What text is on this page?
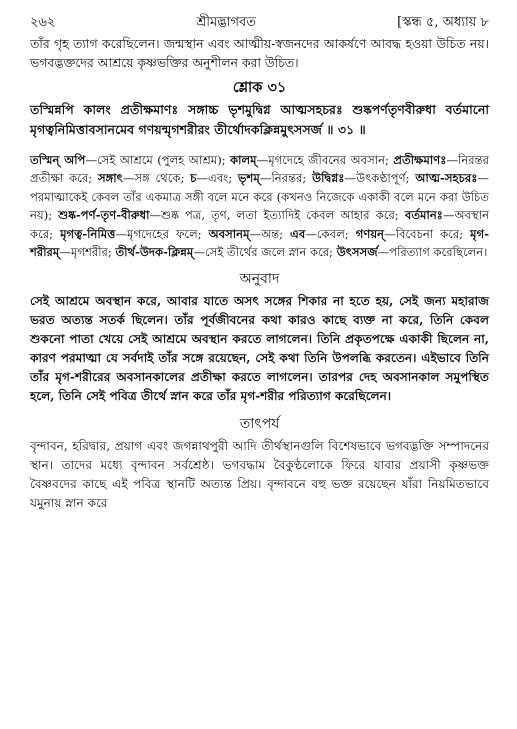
২৬২	শ্রীমদ্ভাগবত	[স্কন্ধ ৫, অধ্যায় ৮

তাঁর গৃহ ত্যাগ করেছিলেন। জন্মস্থান এবং আত্মীয়-স্বজনদের আকর্ষণে আবদ্ধ হওয়া উচিত নয়। ভগবদ্ভক্তদের আশ্রয়ে কৃষ্ণভক্তির অনুশীলন করা উচিত।

শ্লোক ৩১

তস্মিন্নপি কালং প্রতীক্ষমাণঃ সঙ্গাচ্চ ভৃশমুদ্বিগ্ন আত্মসহচরঃ শুষ্কপর্ণতৃণবীরুধা বর্তমানো মৃগত্বনিমিত্তাবসানমেব গণয়ন্মৃগশরীরং তীর্থোদকক্লিন্নমুৎসসর্জ ॥ ৩১ ॥

তস্মিন্ অপি—সেই আশ্রমে (পুলহ আশ্রম); কালম্—মৃগদেহে জীবনের অবসান; প্রতীক্ষমাণঃ—নিরন্তর প্রতীক্ষা করে; সঙ্গাৎ—সঙ্গ থেকে; চ—এবং; ভৃশম্—নিরন্তর; উদ্বিগ্নঃ—উৎকণ্ঠাপূর্ণ; আত্ম-সহচরঃ—পরমাত্মাকেই কেবল তাঁর একমাত্র সঙ্গী বলে মনে করে (কখনও নিজেকে একাকী বলে মনে করা উচিত নয়); শুষ্ক-পর্ণ-তৃণ-বীরুধা—শুষ্ক পত্র, তৃণ, লতা ইত্যাদিই কেবল আহার করে; বর্তমানঃ—অবস্থান করে; মৃগত্ব-নিমিত্ত—মৃগদেহের ফলে; অবসানম্—অন্ত; এব—কেবল; গণয়ন্—বিবেচনা করে; মৃগ-শরীরম্—মৃগশরীর; তীর্থ-উদক-ক্লিন্নম্—সেই তীর্থের জলে স্নান করে; উৎসসর্জ—পরিত্যাগ করেছিলেন।

অনুবাদ

সেই আশ্রমে অবস্থান করে, আবার যাতে অসৎ সঙ্গের শিকার না হতে হয়, সেই জন্য মহারাজ ভরত অত্যন্ত সতর্ক ছিলেন। তাঁর পূর্বজীবনের কথা কারও কাছে ব্যক্ত না করে, তিনি কেবল শুকনো পাতা খেয়ে সেই আশ্রমে অবস্থান করতে লাগলেন। তিনি প্রকৃতপক্ষে একাকী ছিলেন না, কারণ পরমাত্মা যে সর্বদাই তাঁর সঙ্গে রয়েছেন, সেই কথা তিনি উপলব্ধি করতেন। এইভাবে তিনি তাঁর মৃগ-শরীরের অবসানকালের প্রতীক্ষা করতে লাগলেন। তারপর দেহ অবসানকাল সমুপস্থিত হলে, তিনি সেই পবিত্র তীর্থে স্নান করে তাঁর মৃগ-শরীর পরিত্যাগ করেছিলেন।

তাৎপর্য

বৃন্দাবন, হরিদ্বার, প্রয়াগ এবং জগন্নাথপুরী আদি তীর্থস্থানগুলি বিশেষভাবে ভগবদ্ভক্তি সম্পাদনের স্থান। তাদের মধ্যে বৃন্দাবন সর্বশ্রেষ্ঠ। ভগবদ্ধাম বৈকুণ্ঠলোকে ফিরে যাবার প্রয়াসী কৃষ্ণভক্ত বৈষ্ণবদের কাছে এই পবিত্র স্থানটি অত্যন্ত প্রিয়। বৃন্দাবনে বহু ভক্ত রয়েছেন যাঁরা নিয়মিতভাবে যমুনায় স্নান করে
